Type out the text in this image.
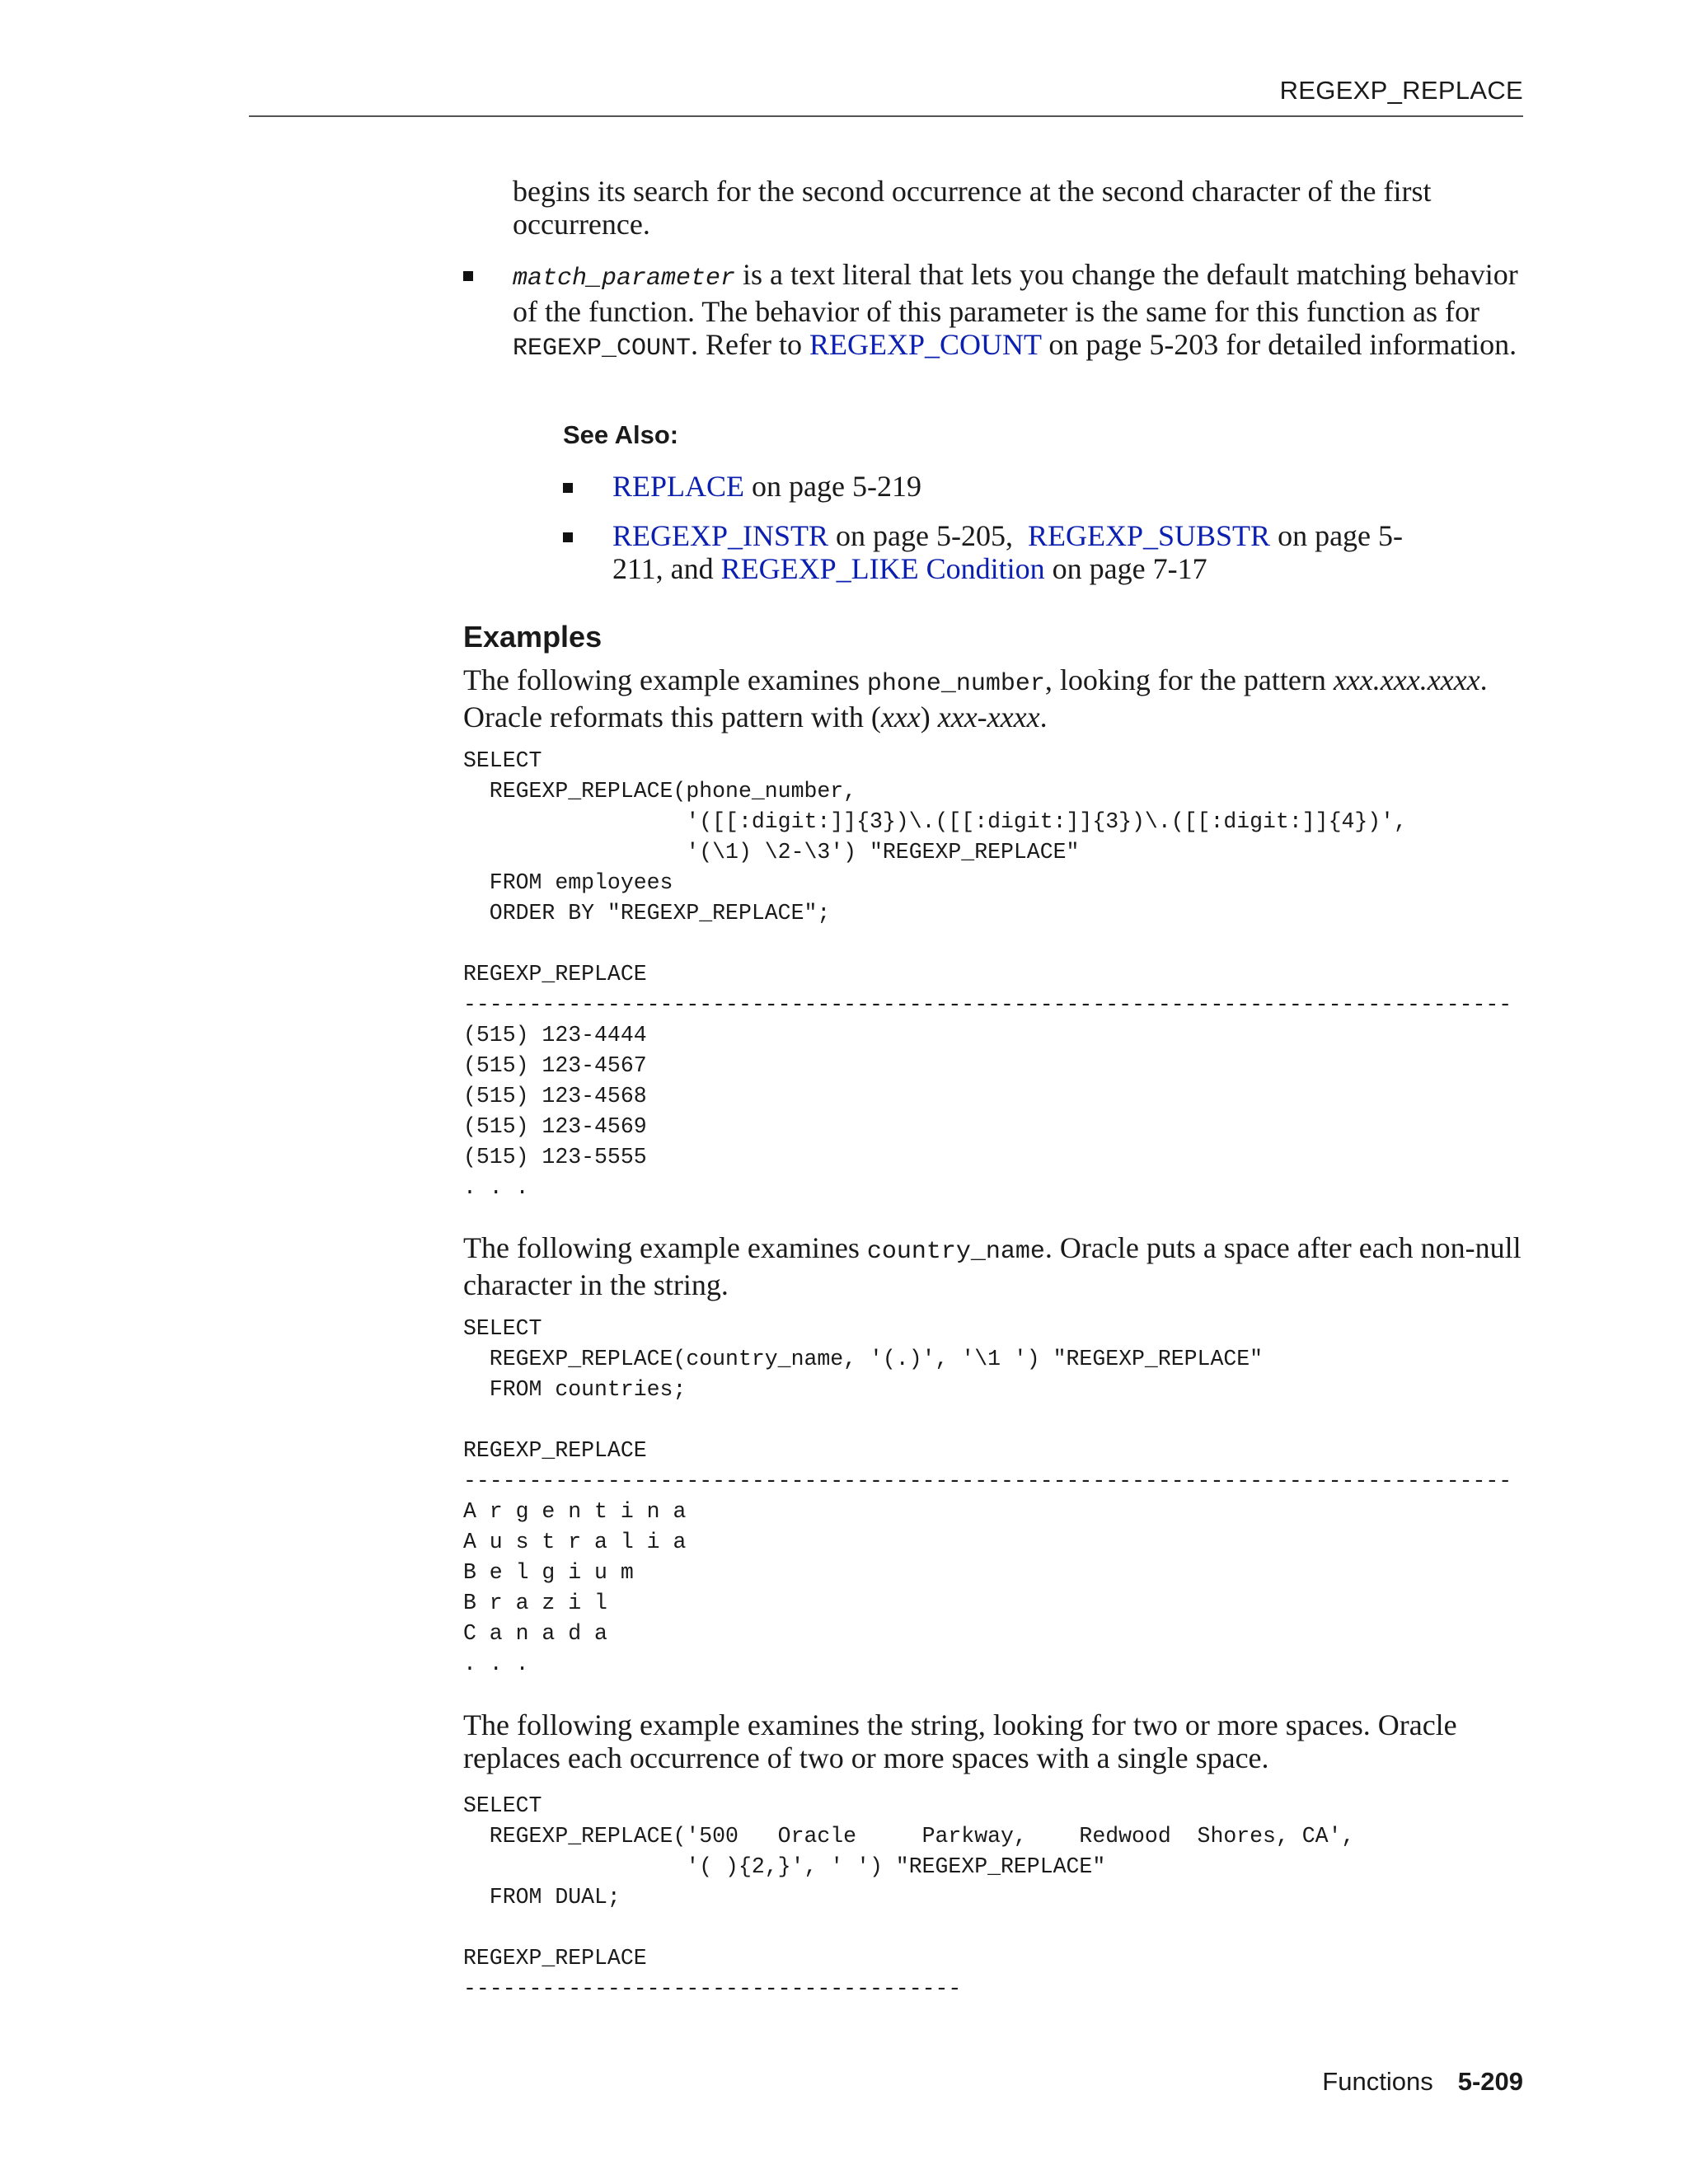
REGEXP_REPLACE
begins its search for the second occurrence at the second character of the first occurrence.
match_parameter is a text literal that lets you change the default matching behavior of the function. The behavior of this parameter is the same for this function as for REGEXP_COUNT. Refer to REGEXP_COUNT on page 5-203 for detailed information.
See Also:
REPLACE on page 5-219
REGEXP_INSTR on page 5-205,  REGEXP_SUBSTR on page 5-211, and REGEXP_LIKE Condition on page 7-17
Examples
The following example examines phone_number, looking for the pattern xxx.xxx.xxxx. Oracle reformats this pattern with (xxx) xxx-xxxx.
SELECT
REGEXP_REPLACE(phone_number,
'([[:digit:]]{3})\.([[:digit:]]{3})\.([[:digit:]]{4})',
'(\1) \2-\3') "REGEXP_REPLACE"
FROM employees
ORDER BY "REGEXP_REPLACE";

REGEXP_REPLACE
--------------------------------------------------------------------------------
(515) 123-4444
(515) 123-4567
(515) 123-4568
(515) 123-4569
(515) 123-5555
. . .
The following example examines country_name. Oracle puts a space after each non-null character in the string.
SELECT
REGEXP_REPLACE(country_name, '(.)', '\1 ') "REGEXP_REPLACE"
FROM countries;

REGEXP_REPLACE
--------------------------------------------------------------------------------
A r g e n t i n a
A u s t r a l i a
B e l g i u m
B r a z i l
C a n a d a
. . .
The following example examines the string, looking for two or more spaces. Oracle replaces each occurrence of two or more spaces with a single space.
SELECT
REGEXP_REPLACE('500   Oracle     Parkway,    Redwood  Shores, CA',
'( ){2,}', ' ') "REGEXP_REPLACE"
FROM DUAL;

REGEXP_REPLACE
--------------------------------------
Functions 5-209
